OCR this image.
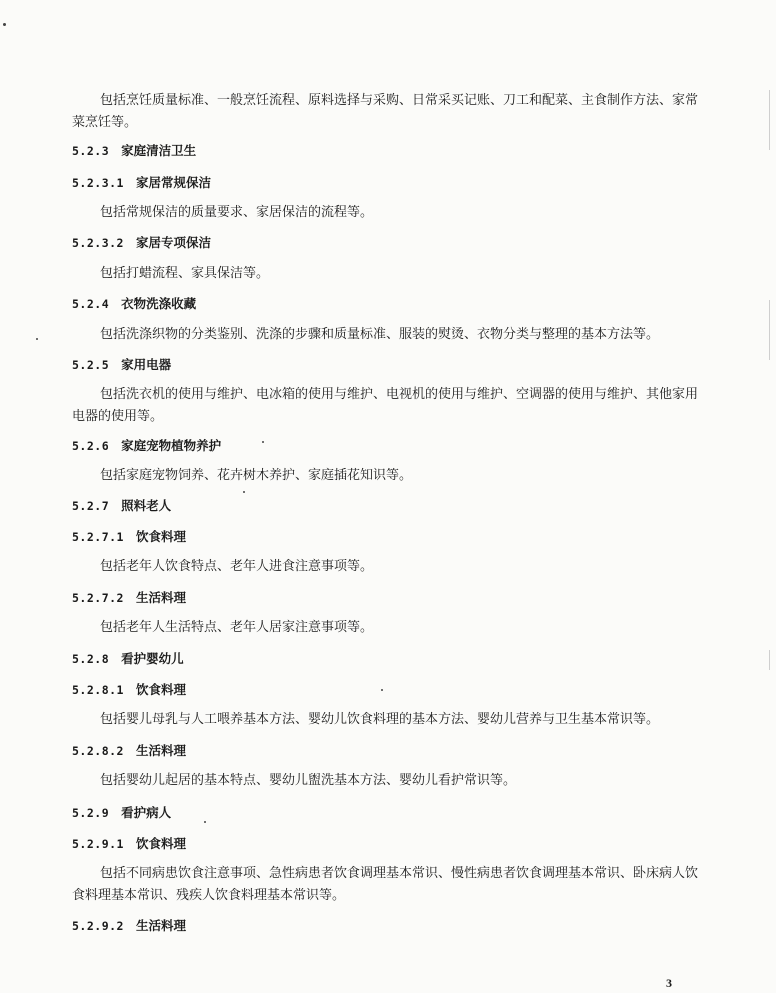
包括烹饪质量标准、一般烹饪流程、原料选择与采购、日常采买记账、刀工和配菜、主食制作方法、家常菜烹饪等。

5.2.3 家庭清洁卫生
5.2.3.1 家居常规保洁

包括常规保洁的质量要求、家居保洁的流程等。

5.2.3.2 家居专项保洁

包括打蜡流程、家具保洁等。

5.2.4 衣物洗涤收藏

包括洗涤织物的分类鉴别、洗涤的步骤和质量标准、服装的熨烫、衣物分类与整理的基本方法等。

5.2.5 家用电器

包括洗衣机的使用与维护、电冰箱的使用与维护、电视机的使用与维护、空调器的使用与维护、其他家用电器的使用等。

5.2.6 家庭宠物植物养护

包括家庭宠物饲养、花卉树木养护、家庭插花知识等。

5.2.7 照料老人
5.2.7.1 饮食料理

包括老年人饮食特点、老年人进食注意事项等。

5.2.7.2 生活料理

包括老年人生活特点、老年人居家注意事项等。

5.2.8 看护婴幼儿
5.2.8.1 饮食料理

包括婴儿母乳与人工喂养基本方法、婴幼儿饮食料理的基本方法、婴幼儿营养与卫生基本常识等。

5.2.8.2 生活料理

包括婴幼儿起居的基本特点、婴幼儿盥洗基本方法、婴幼儿看护常识等。

5.2.9 看护病人
5.2.9.1 饮食料理

包括不同病患饮食注意事项、急性病患者饮食调理基本常识、慢性病患者饮食调理基本常识、卧床病人饮食料理基本常识、残疾人饮食料理基本常识等。

5.2.9.2 生活料理
3
